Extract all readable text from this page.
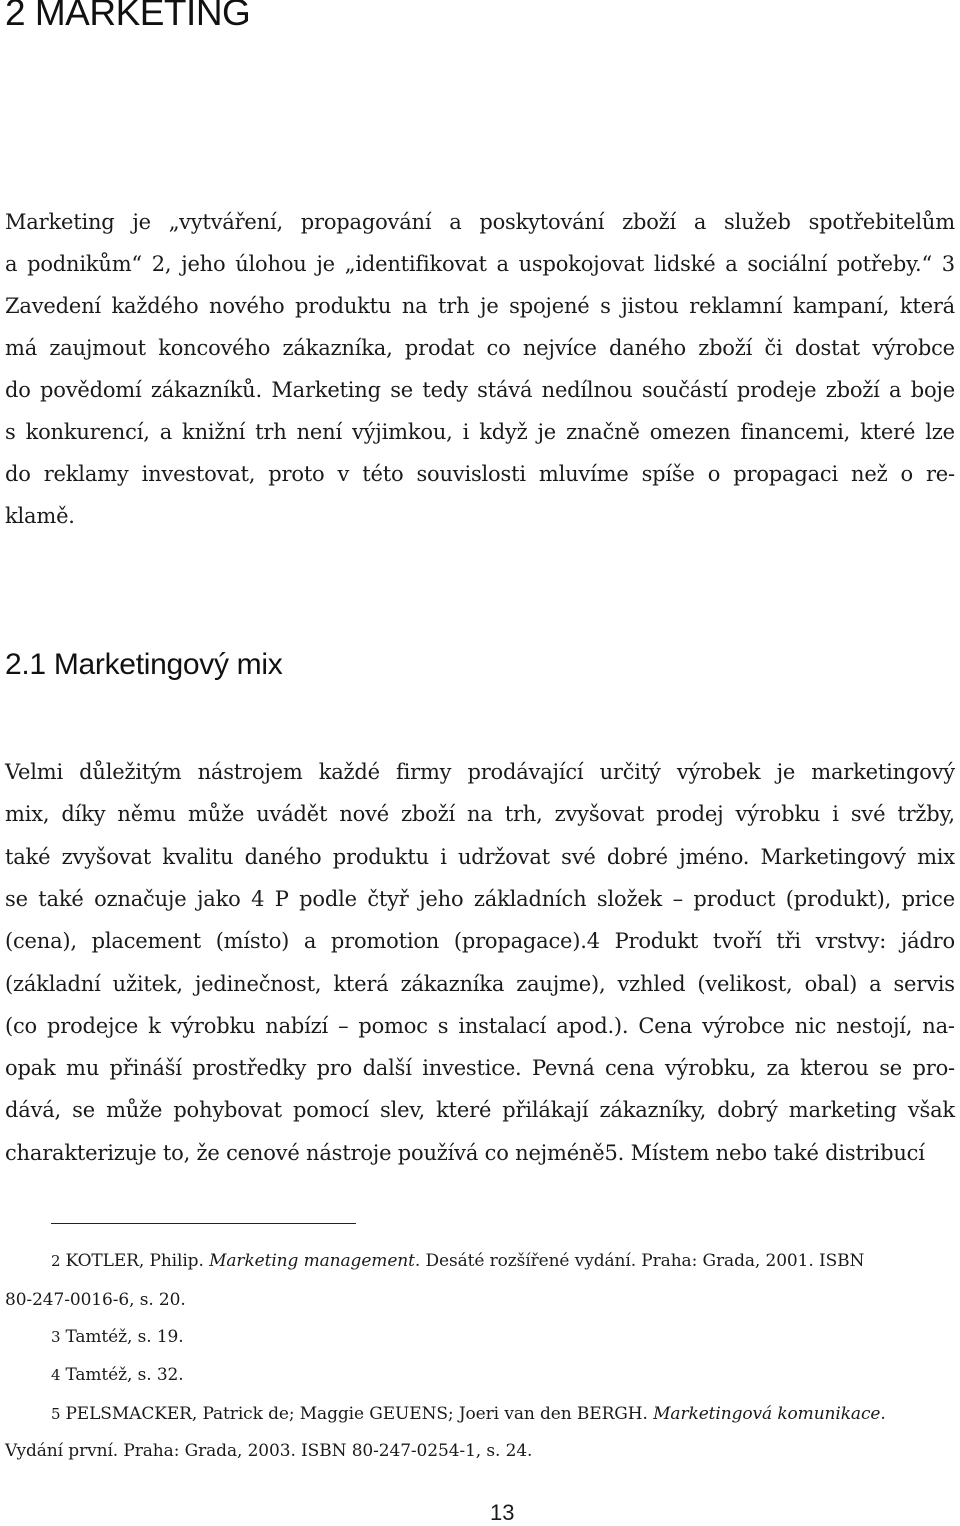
2 MARKETING
Marketing je „vytváření, propagování a poskytování zboží a služeb spotřebitelům
a podnikům“ 2, jeho úlohou je „identifikovat a uspokojovat lidské a sociální potřeby.“ 3
Zavedení každého nového produktu na trh je spojené s jistou reklamní kampaní, která
má zaujmout koncového zákazníka, prodat co nejvíce daného zboží či dostat výrobce
do povědomí zákazníků. Marketing se tedy stává nedílnou součástí prodeje zboží a boje
s konkurencí, a knižní trh není výjimkou, i když je značně omezen financemi, které lze
do reklamy investovat, proto v této souvislosti mluvíme spíše o propagaci než o re-
klamě.
2.1 Marketingový mix
Velmi důležitým nástrojem každé firmy prodávající určitý výrobek je marketingový
mix, díky němu může uvádět nové zboží na trh, zvyšovat prodej výrobku i své tržby,
také zvyšovat kvalitu daného produktu i udržovat své dobré jméno. Marketingový mix
se také označuje jako 4 P podle čtyř jeho základních složek – product (produkt), price
(cena), placement (místo) a promotion (propagace).4 Produkt tvoří tři vrstvy: jádro
(základní užitek, jedinečnost, která zákazníka zaujme), vzhled (velikost, obal) a servis
(co prodejce k výrobku nabízí – pomoc s instalací apod.). Cena výrobce nic nestojí, na-
opak mu přináší prostředky pro další investice. Pevná cena výrobku, za kterou se pro-
dává, se může pohybovat pomocí slev, které přilákají zákazníky, dobrý marketing však
charakterizuje to, že cenové nástroje používá co nejméně5. Místem nebo také distribucí
2 KOTLER, Philip. Marketing management. Desáté rozšířené vydání. Praha: Grada, 2001. ISBN
80-247-0016-6, s. 20.
3 Tamtéž, s. 19.
4 Tamtéž, s. 32.
5 PELSMACKER, Patrick de; Maggie GEUENS; Joeri van den BERGH. Marketingová komunikace.
Vydání první. Praha: Grada, 2003. ISBN 80-247-0254-1, s. 24.
13
